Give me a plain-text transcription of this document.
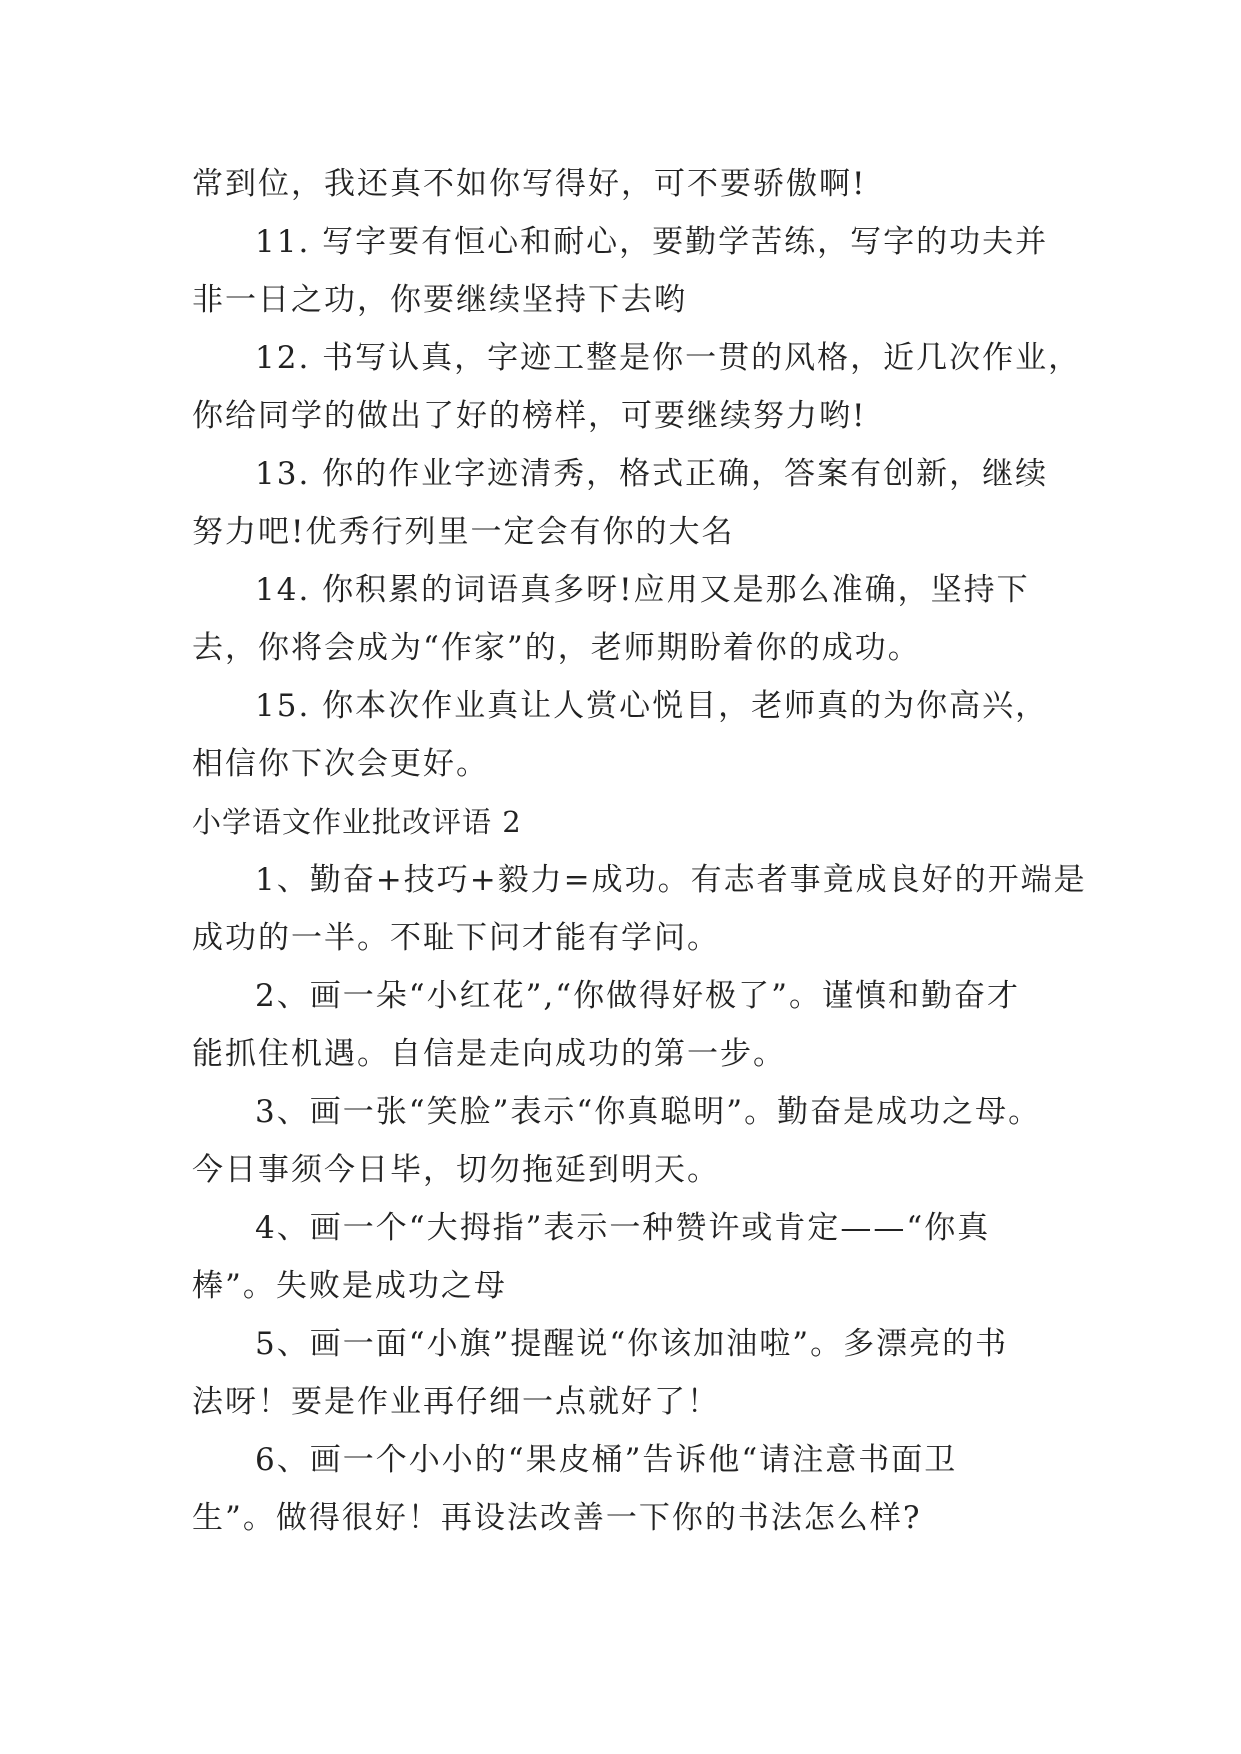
常到位，我还真不如你写得好，可不要骄傲啊!
11. 写字要有恒心和耐心，要勤学苦练，写字的功夫并
非一日之功，你要继续坚持下去哟
12. 书写认真，字迹工整是你一贯的风格，近几次作业，
你给同学的做出了好的榜样，可要继续努力哟!
13. 你的作业字迹清秀，格式正确，答案有创新，继续
努力吧!优秀行列里一定会有你的大名
14. 你积累的词语真多呀!应用又是那么准确，坚持下
去，你将会成为“作家”的，老师期盼着你的成功。
15. 你本次作业真让人赏心悦目，老师真的为你高兴，
相信你下次会更好。
小学语文作业批改评语 2
1、勤奋+技巧+毅力=成功。有志者事竟成良好的开端是
成功的一半。不耻下问才能有学问。
2、画一朵“小红花”,“你做得好极了”。谨慎和勤奋才
能抓住机遇。自信是走向成功的第一步。
3、画一张“笑脸”表示“你真聪明”。勤奋是成功之母。
今日事须今日毕，切勿拖延到明天。
4、画一个“大拇指”表示一种赞许或肯定——“你真
棒”。失败是成功之母
5、画一面“小旗”提醒说“你该加油啦”。多漂亮的书
法呀！要是作业再仔细一点就好了！
6、画一个小小的“果皮桶”告诉他“请注意书面卫
生”。做得很好！再设法改善一下你的书法怎么样?
